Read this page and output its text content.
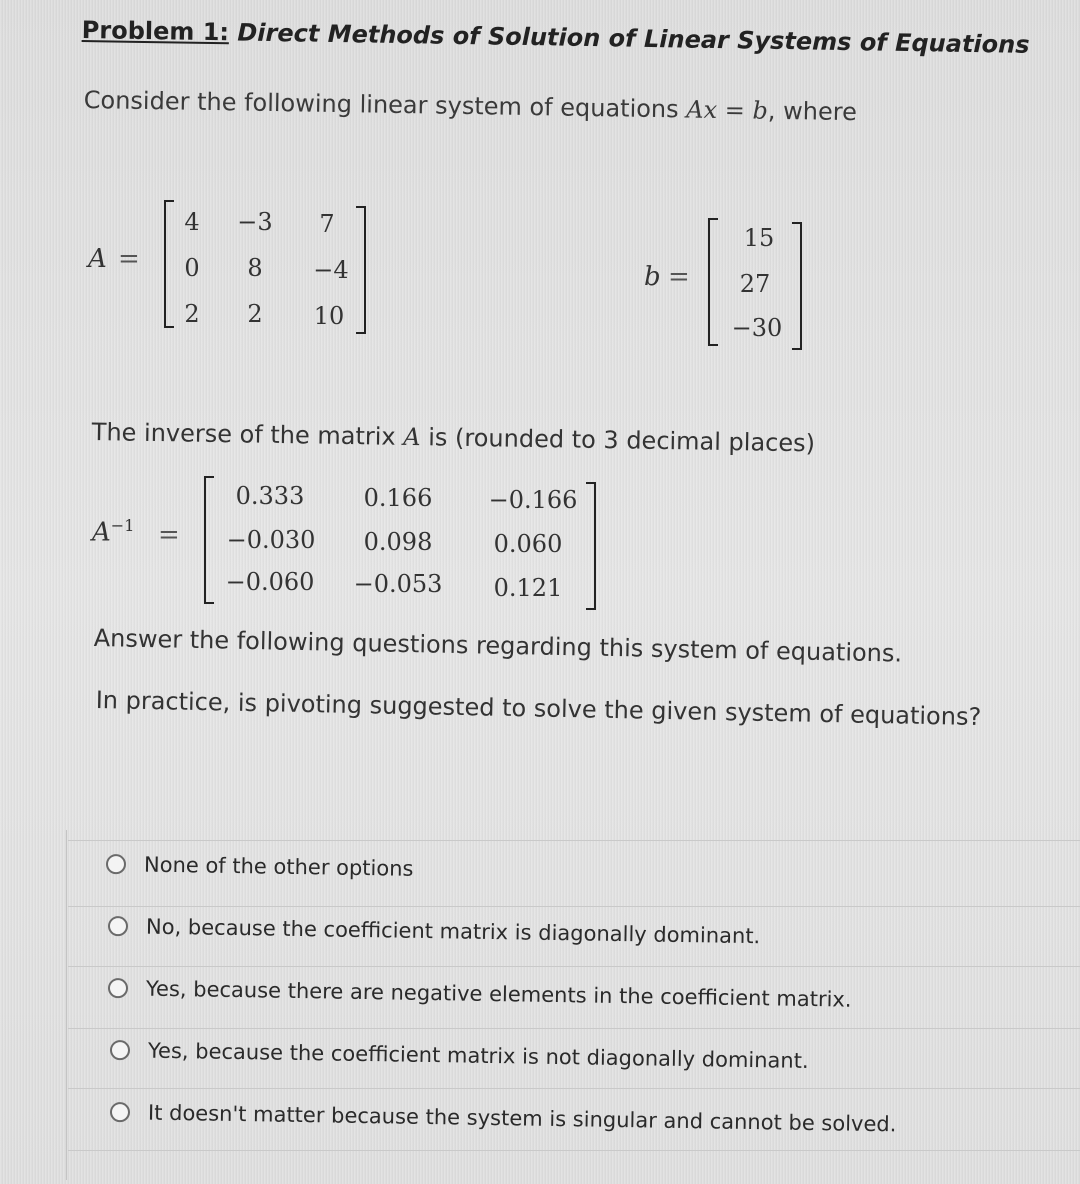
Problem 1: Direct Methods of Solution of Linear Systems of Equations
Consider the following linear system of equations Ax = b, where
A =
4	−3	7
0	8	−4
2	2	10
b =
15
27
−30
The inverse of the matrix A is (rounded to 3 decimal places)
$A^{-1}$ =
0.333	0.166	−0.166
−0.030	0.098	0.060
−0.060	−0.053	0.121
Answer the following questions regarding this system of equations.
In practice, is pivoting suggested to solve the given system of equations?
None of the other options
No, because the coefficient matrix is diagonally dominant.
Yes, because there are negative elements in the coefficient matrix.
Yes, because the coefficient matrix is not diagonally dominant.
It doesn't matter because the system is singular and cannot be solved.
